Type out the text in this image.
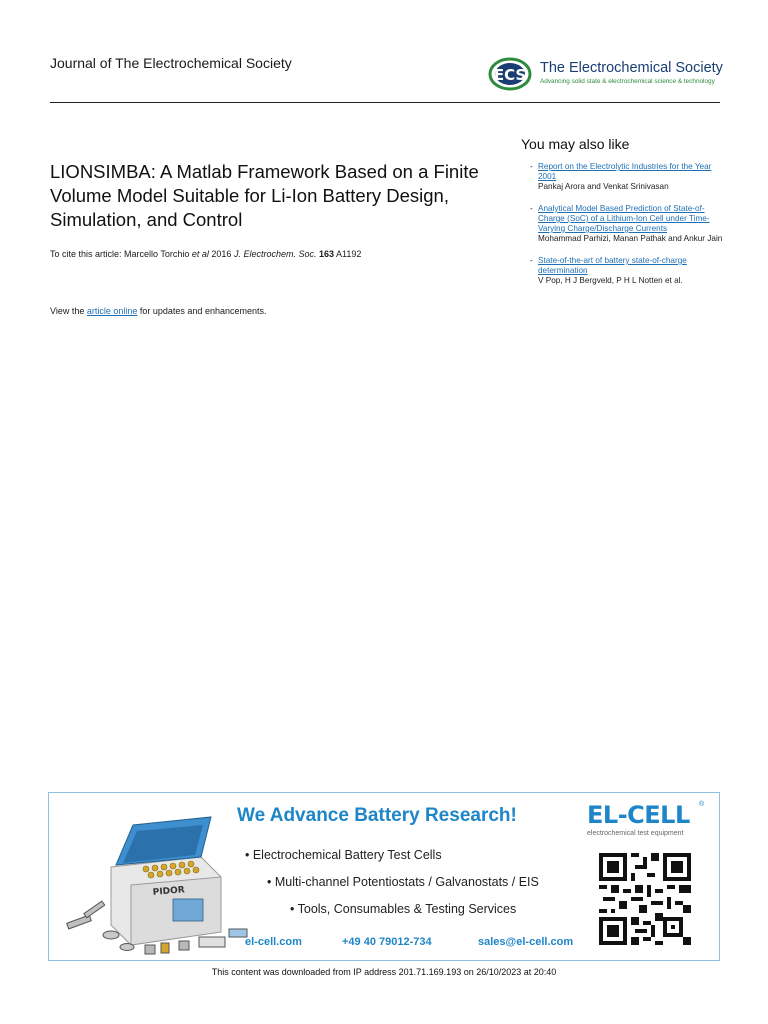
Journal of The Electrochemical Society
ECS The Electrochemical Society
Advancing solid state & electrochemical science & technology
LIONSIMBA: A Matlab Framework Based on a Finite Volume Model Suitable for Li-Ion Battery Design, Simulation, and Control
To cite this article: Marcello Torchio et al 2016 J. Electrochem. Soc. 163 A1192
View the article online for updates and enhancements.
You may also like
- Report on the Electrolytic Industries for the Year 2001
Pankaj Arora and Venkat Srinivasan
- Analytical Model Based Prediction of State-of-Charge (SoC) of a Lithium-Ion Cell under Time-Varying Charge/Discharge Currents
Mohammad Parhizi, Manan Pathak and Ankur Jain
- State-of-the-art of battery state-of-charge determination
V Pop, H J Bergveld, P H L Notten et al.
PIDOR
We Advance Battery Research!
• Electrochemical Battery Test Cells
• Multi-channel Potentiostats / Galvanostats / EIS
• Tools, Consumables & Testing Services
el-cell.com	+49 40 79012-734	sales@el-cell.com
EL-CELL ®
electrochemical test equipment
This content was downloaded from IP address 201.71.169.193 on 26/10/2023 at 20:40
